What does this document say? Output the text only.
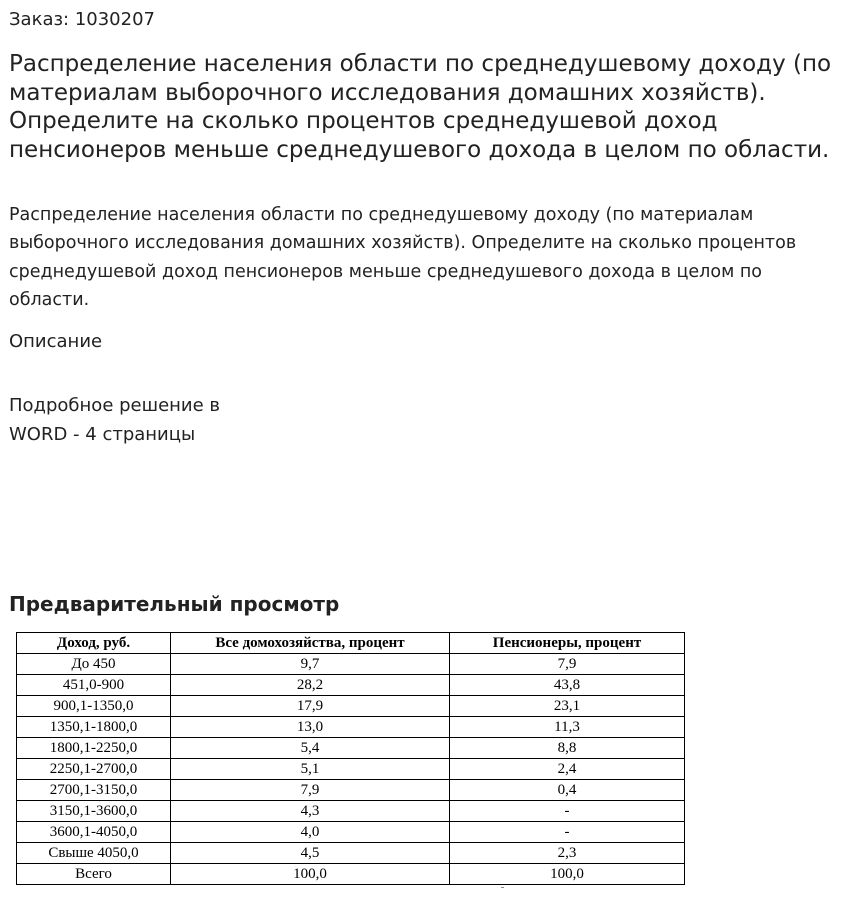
Заказ: 1030207
Распределение населения области по среднедушевому доходу (по материалам выборочного исследования домашних хозяйств). Определите на сколько процентов среднедушевой доход пенсионеров меньше среднедушевого дохода в целом по области.

Распределение населения области по среднедушевому доходу (по материалам выборочного исследования домашних хозяйств). Определите на сколько процентов среднедушевой доход пенсионеров меньше среднедушевого дохода в целом по области.

Описание
Подробное решение в
WORD - 4 страницы
Предварительный просмотр
Доход, руб.	Все домохозяйства, процент	Пенсионеры, процент
До 450	9,7	7,9
451,0-900	28,2	43,8
900,1-1350,0	17,9	23,1
1350,1-1800,0	13,0	11,3
1800,1-2250,0	5,4	8,8
2250,1-2700,0	5,1	2,4
2700,1-3150,0	7,9	0,4
3150,1-3600,0	4,3	-
3600,1-4050,0	4,0	-
Свыше 4050,0	4,5	2,3
Всего	100,0	100,0
